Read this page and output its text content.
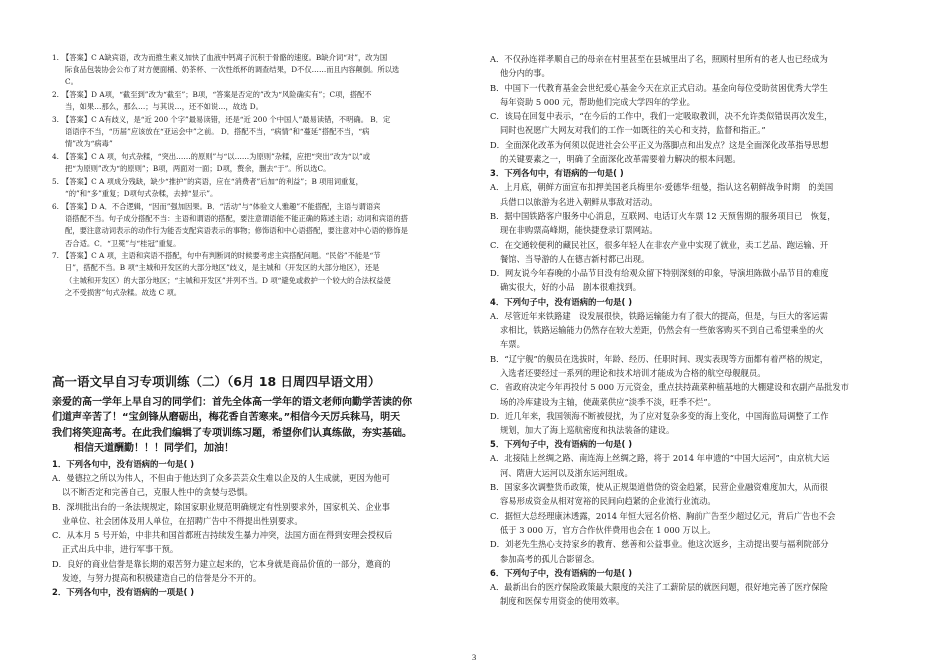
1. 【答案】C A缺宾语，改为而推生素义加快了血液中钙离子沉积于骨骼的速度。B缺介词“对”，改为国
际食品包装协会公布了对方便面桶、奶茶杯、一次性纸杯的调查结果，D不仅……而且内容颠倒。所以选
C。
2. 【答案】D A项，“截至到”改为“截至”；B项，“答案是否定的”改为“风险确实有”；C项，搭配不
当，如果…那么，那么…；与其说…，还不如说…，故选 D。
3. 【答案】C A有歧义，是“近 200 个字”最易读错，还是“近 200 个中国人”最易读错，不明确。 B．定
语语序不当，“历届”应该放在“亚运会中”之前。 D．搭配不当，“病情”和“蔓延”搭配不当，“病
情”改为“病毒”
4. 【答案】C A 项，句式杂糅，“突出……的原则”与“以……为原则”杂糅，应把“突出”改为“以”或
把“为原则”改为“的原则”；B项，两面对一面；D项，赘余，删去“于”。所以选C。
5. 【答案】C A 项成分残缺，缺少“推护”的宾语，应在“消费者”后加“的利益”；B 项用词重复，
“的”和“多”重复；D项句式杂糅，去掉“显示”。
6. 【答案】D A．不合逻辑，“因而”强加因果。B．“活动”与“体验文人雅趣”不能搭配，主语与谓语宾
语搭配不当。句子成分搭配不当：主语和谓语的搭配，要注意谓语能不能正确的陈述主语；动词和宾语的搭
配，要注意动词表示的动作行为能否支配宾语表示的事物；修饰语和中心语搭配，要注意对中心语的修饰是
否合适。C．“卫冕”与“桂冠”重复。
7. 【答案】C A 项，主语和宾语不搭配，句中有判断词的时候要考虑主宾搭配问题。“民俗”不能是“节
日”，搭配不当。B 项“主城和开发区的大部分地区”歧义，是主城和（开发区的大部分地区），还是
（主城和开发区）的大部分地区；“主城和开发区”并列不当。D 项“避免或救护一个较大的合法权益使
之不受损害”句式杂糅。故选 C 项。
高一语文早自习专项训练（二）（6月 18 日周四早语文用）
亲爱的高一学年上早自习的同学们：首先全体高一学年的语文老师向勤学苦读的你
们道声辛苦了！“宝剑锋从磨砺出，梅花香自苦寒来。”相信今天厉兵秣马，明天
我们将笑迎高考。在此我们编辑了专项训练习题，希望你们认真练做，夯实基础。
相信天道酬勤！！！同学们，加油！
1．下列各句中，没有语病的一句是( )
A．曼德拉之所以为伟人，不但由于他达到了众多芸芸众生难以企及的人生成就，更因为他可
以不断否定和完善自己，克服人性中的贪婪与恐惧。
B．深圳批出台的一条法规规定，除国家职业规范明确规定有性别要求外，国家机关、企业事
业单位、社会团体及用人单位，在招聘广告中不得提出性别要求。
C．从本月 5 号开始，中非共和国首都班吉持续发生暴力冲突，法国方面在得到安理会授权后
正式出兵中非，进行军事干预。
D．良好的商业信誉是靠长期的艰苦努力建立起来的，它本身就是商品价值的一部分，邀商的
发迹，与努力提高和积极建造自己的信誉是分不开的。
2．下列各句中，没有语病的一项是( )
A．不仅孙连祥孝顺自己的母亲在村里甚至在县城里出了名，照顾村里所有的老人也已经成为
他分内的事。
B．中国下一代教育基金会世纪爱心基金今天在京正式启动。基金向每位受助贫困优秀大学生
每年资助 5 000 元，帮助他们完成大学四年的学业。
C．该局在回复中表示，“在今后的工作中，我们一定吸取教训，决不允许类似错误再次发生，
同时也祝愿广大网友对我们的工作一如既往的关心和支持，监督和指正。”
D．全面深化改革为何须以促进社会公平正义为落脚点和出发点？这是全面深化改革指导思想
的关键要素之一，明确了全面深化改革需要着力解决的根本问题。
3．下列各句中，有语病的一句是( )
A．上月底，朝鲜方面宣布扣押美国老兵梅里尔·爱德华·纽曼，指认这名朝鲜战争时期　的美国
兵借口以旅游为名进入朝鲜从事敌对活动。
B．据中国铁路客户服务中心消息，互联网、电话订火车票 12 天预售期的服务项目已　恢复，
现在非购票高峰期，能快捷登录订票网站。
C．在交通较便利的藏民社区，很多年轻人在非农产业中实现了就业，卖工艺品、跑运输、开
餐馆、当导游的人在德吉新村都已出现。
D．网友说今年春晚的小品节目没有给观众留下特别深刻的印象，导演坦陈做小品节目的难度
确实很大，好的小品　剧本很难找到。
4．下列句子中，没有语病的一句是( )
A．尽管近年来铁路建　设发展很快，铁路运输能力有了很大的提高，但是，与巨大的客运需
求相比，铁路运输能力仍然存在较大差距，仍然会有一些旅客购买不到自己希望乘坐的火
车票。
B．“辽宁舰”的舰员在选拔时，年龄、经历、任职时间、现实表现等方面都有着严格的规定，
入选者还要经过一系列的理论和技术培训才能成为合格的航空母舰舰员。
C．省政府决定今年再投付 5 000 万元资金，重点扶持蔬菜种植基地的大棚建设和农副产品批发市
场的冷库建设为主轴，使蔬菜供应“淡季不淡，旺季不烂”。
D．近几年来，我国领海不断被侵扰，为了应对复杂多变的海上变化，中国海监局调整了工作
规划，加大了海上巡航密度和执法装备的建设。
5．下列句子中，没有语病的一句是( )
A．北接陆上丝绸之路、南连海上丝绸之路，将于 2014 年申遗的“中国大运河”，由京杭大运
河、隋唐大运河以及浙东运河组成。
B．国家多次调整货币政策，使从正规渠道借贷的资金趋紧，民营企业融资难度加大，从而很
容易形成资金从相对宽裕的民间向趋紧的企业流行业流动。
C．据恒大总经理康沐透露，2014 年恒大冠名价格、胸前广告至少超过亿元，背后广告也不会
低于 3 000 万，官方合作伙伴费用也会在 1 000 万以上。
D．刘老先生热心支持家乡的教育、慈善和公益事业。他这次返乡，主动提出要与福利院部分
参加高考的孤儿合影留念。
6．下列句子中，没有语病的一句是( )
A．最新出台的医疗保险政策最大限度的关注了工薪阶层的就医问题，很好地完善了医疗保险
制度和医保专用资金的使用效率。
3
